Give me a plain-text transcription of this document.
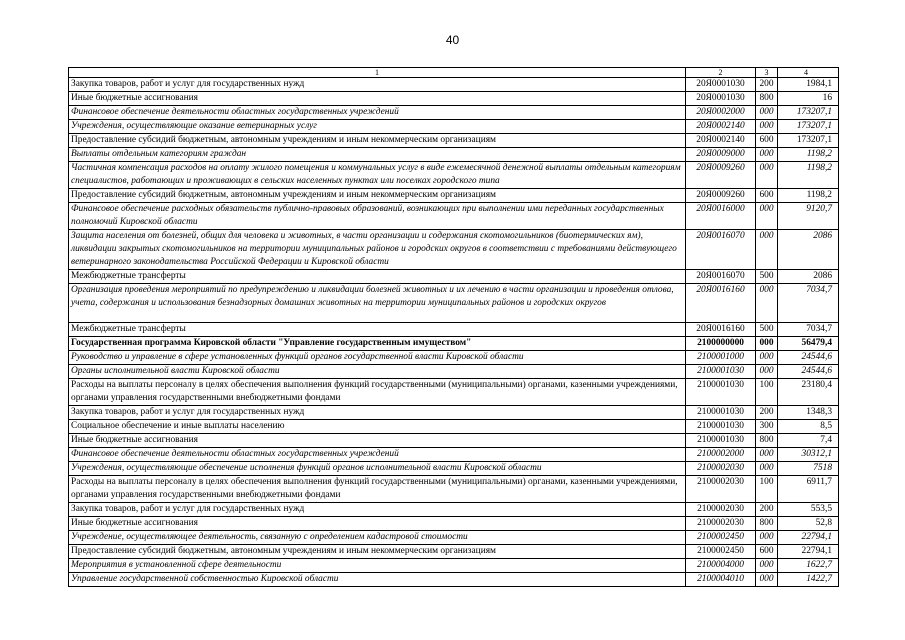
40
1	2	3	4
Закупка товаров, работ и услуг для государственных нужд	20Я0001030	200	1984,1
Иные бюджетные ассигнования	20Я0001030	800	16
Финансовое обеспечение деятельности областных государственных учреждений	20Я0002000	000	173207,1
Учреждения, осуществляющие оказание ветеринарных услуг	20Я0002140	000	173207,1
Предоставление субсидий бюджетным, автономным учреждениям и иным некоммерческим организациям	20Я0002140	600	173207,1
Выплаты отдельным категориям граждан	20Я0009000	000	1198,2
Частичная компенсация расходов на оплату жилого помещения и коммунальных услуг в виде ежемесячной денежной выплаты отдельным категориям специалистов, работающих и проживающих в сельских населенных пунктах или поселках городского типа	20Я0009260	000	1198,2
Предоставление субсидий бюджетным, автономным учреждениям и иным некоммерческим организациям	20Я0009260	600	1198,2
Финансовое обеспечение расходных обязательств публично-правовых образований, возникающих при выполнении ими переданных государственных полномочий Кировской области	20Я0016000	000	9120,7
Защита населения от болезней, общих для человека и животных, в части организации и содержания скотомогильников (биотермических ям), ликвидации закрытых скотомогильников на территории муниципальных районов и городских округов в соответствии с требованиями действующего ветеринарного законодательства Российской Федерации и Кировской области	20Я0016070	000	2086
Межбюджетные трансферты	20Я0016070	500	2086
Организация проведения мероприятий по предупреждению и ликвидации болезней животных и их лечению в части организации и проведения отлова, учета, содержания и использования безнадзорных домашних животных на территории муниципальных районов и городских округов	20Я0016160	000	7034,7
Межбюджетные трансферты	20Я0016160	500	7034,7
Государственная программа Кировской области "Управление государственным имуществом"	2100000000	000	56479,4
Руководство и управление в сфере установленных функций органов государственной власти Кировской области	2100001000	000	24544,6
Органы исполнительной власти Кировской области	2100001030	000	24544,6
Расходы на выплаты персоналу в целях обеспечения выполнения функций государственными (муниципальными) органами, казенными учреждениями, органами управления государственными внебюджетными фондами	2100001030	100	23180,4
Закупка товаров, работ и услуг для государственных нужд	2100001030	200	1348,3
Социальное обеспечение и иные выплаты населению	2100001030	300	8,5
Иные бюджетные ассигнования	2100001030	800	7,4
Финансовое обеспечение деятельности областных государственных учреждений	2100002000	000	30312,1
Учреждения, осуществляющие обеспечение исполнения функций органов исполнительной власти Кировской области	2100002030	000	7518
Расходы на выплаты персоналу в целях обеспечения выполнения функций государственными (муниципальными) органами, казенными учреждениями, органами управления государственными внебюджетными фондами	2100002030	100	6911,7
Закупка товаров, работ и услуг для государственных нужд	2100002030	200	553,5
Иные бюджетные ассигнования	2100002030	800	52,8
Учреждение, осуществляющее деятельность, связанную с определением кадастровой стоимости	2100002450	000	22794,1
Предоставление субсидий бюджетным, автономным учреждениям и иным некоммерческим организациям	2100002450	600	22794,1
Мероприятия в установленной сфере деятельности	2100004000	000	1622,7
Управление государственной собственностью Кировской области	2100004010	000	1422,7
